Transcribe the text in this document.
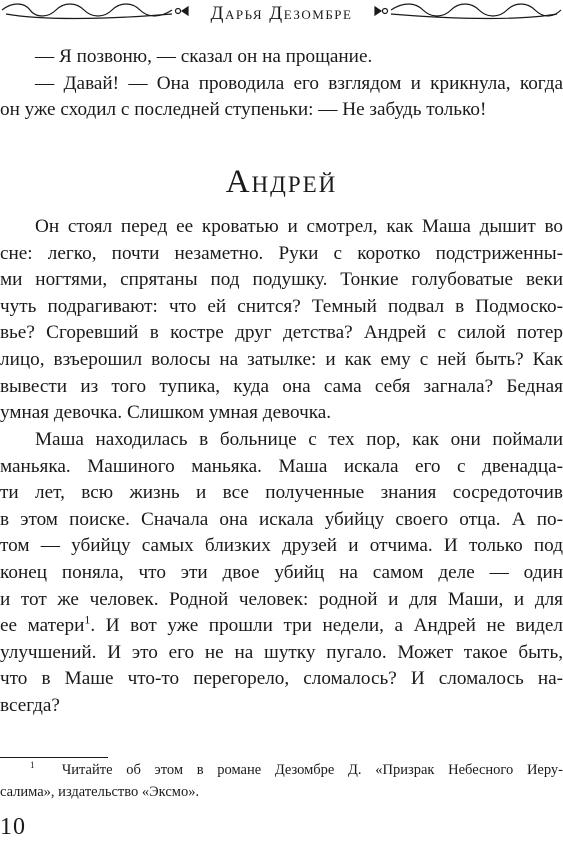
Дарья Дезомбре
— Я позвоню, — сказал он на прощание.
— Давай! — Она проводила его взглядом и крикнула, когда
он уже сходил с последней ступеньки: — Не забудь только!
Андрей
Он стоял перед ее кроватью и смотрел, как Маша дышит во
сне: легко, почти незаметно. Руки с коротко подстриженны-
ми ногтями, спрятаны под подушку. Тонкие голубоватые веки
чуть подрагивают: что ей снится? Темный подвал в Подмоско-
вье? Сгоревший в костре друг детства? Андрей с силой потер
лицо, взъерошил волосы на затылке: и как ему с ней быть? Как
вывести из того тупика, куда она сама себя загнала? Бедная
умная девочка. Слишком умная девочка.
Маша находилась в больнице с тех пор, как они поймали
маньяка. Машиного маньяка. Маша искала его с двенадца-
ти лет, всю жизнь и все полученные знания сосредоточив
в этом поиске. Сначала она искала убийцу своего отца. А по-
том — убийцу самых близких друзей и отчима. И только под
конец поняла, что эти двое убийц на самом деле — один
и тот же человек. Родной человек: родной и для Маши, и для
ее матери$^1$. И вот уже прошли три недели, а Андрей не видел
улучшений. И это его не на шутку пугало. Может такое быть,
что в Маше что-то перегорело, сломалось? И сломалось на-
всегда?
$^1$ Читайте об этом в романе Дезомбре Д. «Призрак Небесного Иеру-
салима», издательство «Эксмо».
10
